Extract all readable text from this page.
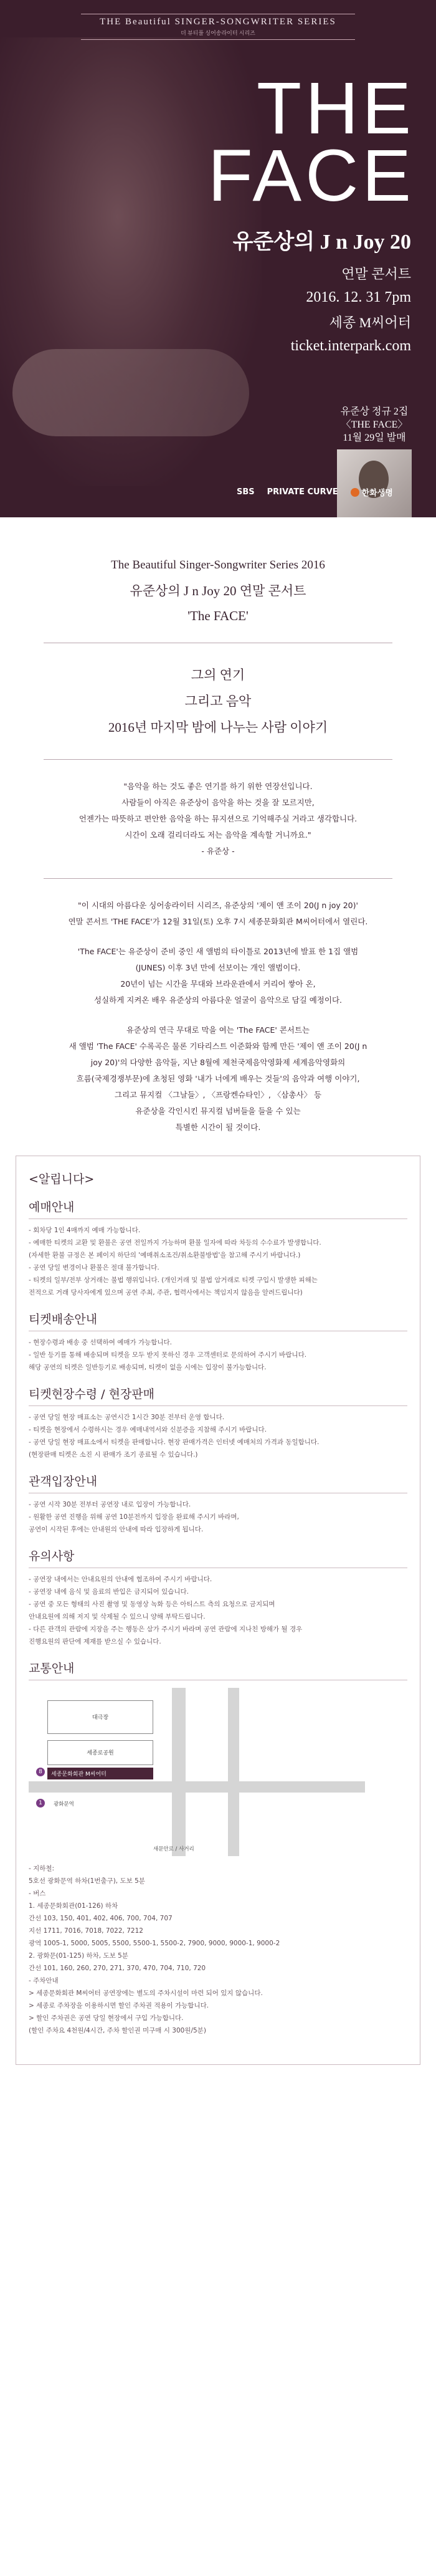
THE Beautiful SINGER-SONGWRITER SERIES
더 뷰티풀 싱어송라이터 시리즈
THE
FACE
유준상의 J n Joy 20
연말 콘서트
2016. 12. 31 7pm
세종 M씨어터
ticket.interpark.com
유준상 정규 2집
〈THE FACE〉
11월 29일 발매
SBS PRIVATE CURVE	한화생명
The Beautiful Singer-Songwriter Series 2016
유준상의 J n Joy 20 연말 콘서트
'The FACE'
그의 연기
그리고 음악
2016년 마지막 밤에 나누는 사람 이야기
"음악을 하는 것도 좋은 연기를 하기 위한 연장선입니다.
사람들이 아직은 유준상이 음악을 하는 것을 잘 모르지만,
언젠가는 따뜻하고 편안한 음악을 하는 뮤지션으로 기억해주실 거라고 생각합니다.
시간이 오래 걸리더라도 저는 음악을 계속할 거니까요."
- 유준상 -

"이 시대의 아름다운 싱어송라이터 시리즈, 유준상의 '제이 앤 조이 20(J n joy 20)'
연말 콘서트 'THE FACE'가 12월 31일(토) 오후 7시 세종문화회관 M씨어터에서 열린다.

'The FACE'는 유준상이 준비 중인 새 앨범의 타이틀로 2013년에 발표 한 1집 앨범
(JUNES) 이후 3년 만에 선보이는 개인 앨범이다.
20년이 넘는 시간을 무대와 브라운관에서 커리어 쌓아 온,
성실하게 지켜온 배우 유준상의 아름다운 얼굴이 음악으로 담길 예정이다.

유준상의 연극 무대로 막을 여는 'The FACE' 콘서트는
새 앨범 'The FACE' 수록곡은 물론 기타리스트 이준화와 함께 만든 '제이 앤 조이 20(J n
joy 20)'의 다양한 음악들, 지난 8월에 제천국제음악영화제 세계음악영화의
흐름(국제경쟁부문)에 초청된 영화 '내가 너에게 배우는 것들'의 음악과 여행 이야기,
그리고 뮤지컬 〈그날들〉, 〈프랑켄슈타인〉, 〈삼총사〉 등
유준상을 각인시킨 뮤지컬 넘버들을 들을 수 있는
특별한 시간이 될 것이다.

<알립니다>
예매안내
- 회차당 1인 4매까지 예매 가능합니다.
- 예매한 티켓의 교환 및 환불은 공연 전일까지 가능하며 환불 일자에 따라 차등의 수수료가 발생합니다.
(자세한 환불 규정은 본 페이지 하단의 '예매취소조건/취소환불방법'을 참고해 주시기 바랍니다.)
- 공연 당일 변경이나 환불은 절대 불가합니다.
- 티켓의 일부/전부 상거래는 불법 행위입니다. (개인거래 및 불법 암거래로 티켓 구입시 발생한 피해는
전적으로 거래 당사자에게 있으며 공연 주최, 주관, 협력사에서는 책임지지 않음을 알려드립니다)
티켓배송안내
- 현장수령과 배송 중 선택하여 예매가 가능합니다.
- 일반 등기를 통해 배송되며 티켓을 모두 받지 못하신 경우 고객센터로 문의하여 주시기 바랍니다.
해당 공연의 티켓은 일반등기로 배송되며, 티켓이 없을 시에는 입장이 불가능합니다.
티켓현장수령 / 현장판매
- 공연 당일 현장 매표소는 공연시간 1시간 30분 전부터 운영 합니다.
- 티켓을 현장에서 수령하시는 경우 예매내역서와 신분증을 지참해 주시기 바랍니다.
- 공연 당일 현장 매표소에서 티켓을 판매합니다. 현장 판매가격은 인터넷 예매처의 가격과 동일합니다.
(현장판매 티켓은 소진 시 판매가 조기 종료될 수 있습니다.)
관객입장안내
- 공연 시작 30분 전부터 공연장 내로 입장이 가능합니다.
- 원활한 공연 진행을 위해 공연 10분전까지 입장을 완료해 주시기 바라며,
공연이 시작된 후에는 안내원의 안내에 따라 입장하게 됩니다.
유의사항
- 공연장 내에서는 안내요원의 안내에 협조하여 주시기 바랍니다.
- 공연장 내에 음식 및 음료의 반입은 금지되어 있습니다.
- 공연 중 모든 형태의 사진 촬영 및 동영상 녹화 등은 아티스트 측의 요청으로 금지되며
안내요원에 의해 저지 및 삭제될 수 있으니 양해 부탁드립니다.
- 다른 관객의 관람에 지장을 주는 행동은 삼가 주시기 바라며 공연 관람에 지나친 방해가 될 경우
진행요원의 판단에 제재를 받으실 수 있습니다.
교통안내
대극장
세종로공원
세종문화회관 M씨어터
8
1	광화문역
새문안로 / 사거리
- 지하철:
5호선 광화문역 하차(1번출구), 도보 5분
- 버스
1. 세종문화회관(01-126) 하차
간선 103, 150, 401, 402, 406, 700, 704, 707
지선 1711, 7016, 7018, 7022, 7212
광역 1005-1, 5000, 5005, 5500, 5500-1, 5500-2, 7900, 9000, 9000-1, 9000-2
2. 광화문(01-125) 하차, 도보 5분
간선 101, 160, 260, 270, 271, 370, 470, 704, 710, 720
- 주차안내
> 세종문화회관 M씨어터 공연장에는 별도의 주차시설이 마련 되어 있지 않습니다.
> 세종로 주차장을 이용하시면 할인 주차권 적용이 가능합니다.
> 할인 주차권은 공연 당일 현장에서 구입 가능합니다.
(할인 주차요 4천원/4시간, 주차 할인권 미구매 시 300원/5분)
